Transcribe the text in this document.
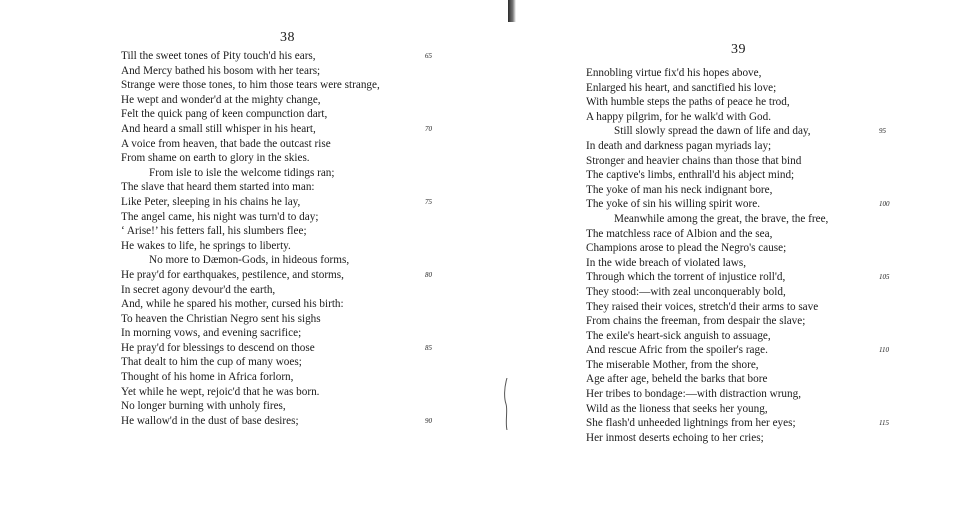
38
Till the sweet tones of Pity touch'd his ears,	65
And Mercy bathed his bosom with her tears;
Strange were those tones, to him those tears were strange,
He wept and wonder'd at the mighty change,
Felt the quick pang of keen compunction dart,
And heard a small still whisper in his heart,	70
A voice from heaven, that bade the outcast rise
From shame on earth to glory in the skies.
From isle to isle the welcome tidings ran;
The slave that heard them started into man:
Like Peter, sleeping in his chains he lay,	75
The angel came, his night was turn'd to day;
‘ Arise!’ his fetters fall, his slumbers flee;
He wakes to life, he springs to liberty.
No more to Dæmon-Gods, in hideous forms,
He pray'd for earthquakes, pestilence, and storms,	80
In secret agony devour'd the earth,
And, while he spared his mother, cursed his birth:
To heaven the Christian Negro sent his sighs
In morning vows, and evening sacrifice;
He pray'd for blessings to descend on those	85
That dealt to him the cup of many woes;
Thought of his home in Africa forlorn,
Yet while he wept, rejoic'd that he was born.
No longer burning with unholy fires,
He wallow'd in the dust of base desires;	90
39
Ennobling virtue fix'd his hopes above,
Enlarged his heart, and sanctified his love;
With humble steps the paths of peace he trod,
A happy pilgrim, for he walk'd with God.
Still slowly spread the dawn of life and day,	95
In death and darkness pagan myriads lay;
Stronger and heavier chains than those that bind
The captive's limbs, enthrall'd his abject mind;
The yoke of man his neck indignant bore,
The yoke of sin his willing spirit wore.	100
Meanwhile among the great, the brave, the free,
The matchless race of Albion and the sea,
Champions arose to plead the Negro's cause;
In the wide breach of violated laws,
Through which the torrent of injustice roll'd,	105
They stood:—with zeal unconquerably bold,
They raised their voices, stretch'd their arms to save
From chains the freeman, from despair the slave;
The exile's heart-sick anguish to assuage,
And rescue Afric from the spoiler's rage.	110
The miserable Mother, from the shore,
Age after age, beheld the barks that bore
Her tribes to bondage:—with distraction wrung,
Wild as the lioness that seeks her young,
She flash'd unheeded lightnings from her eyes;	115
Her inmost deserts echoing to her cries;
